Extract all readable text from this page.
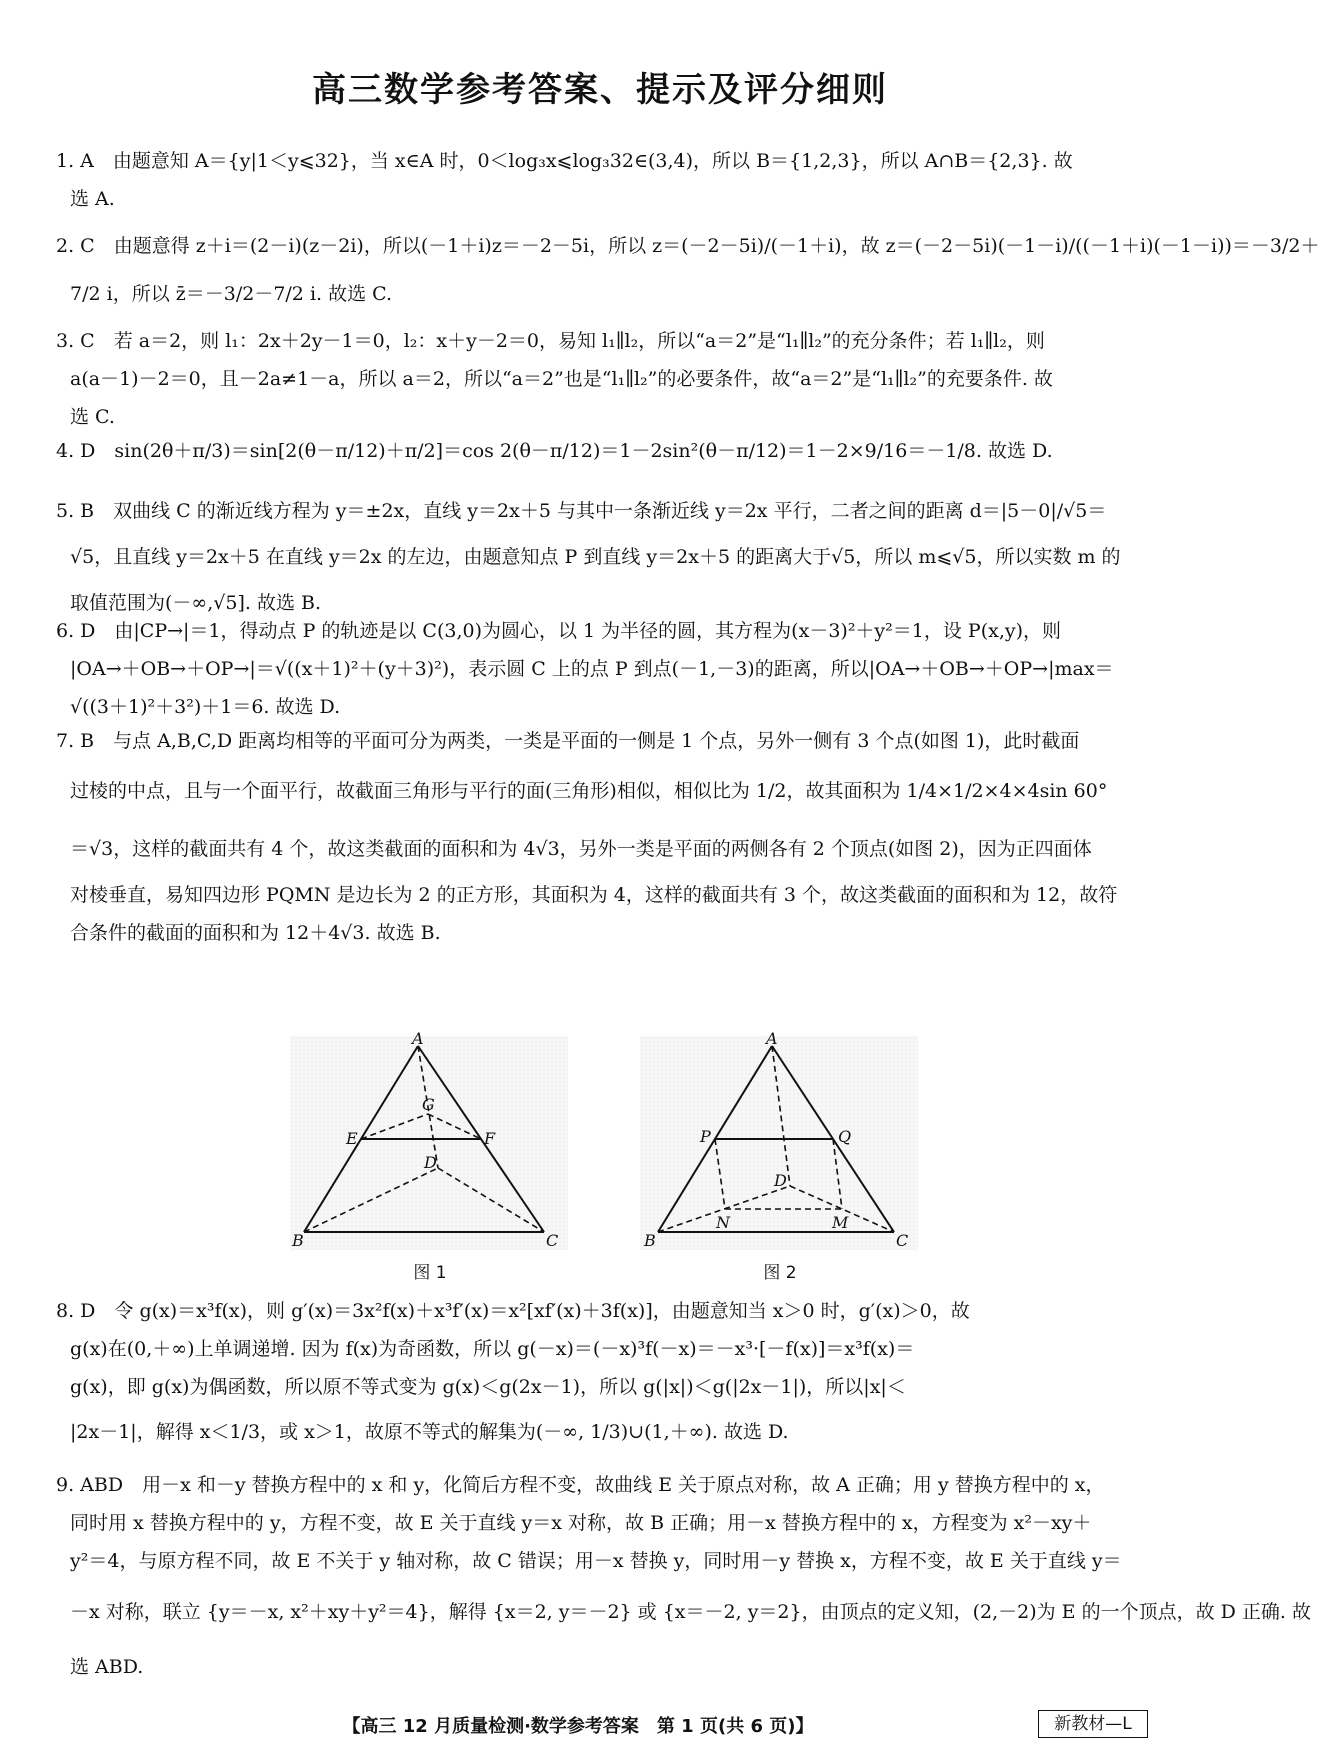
高三数学参考答案、提示及评分细则
1. A　由题意知 A＝{y|1＜y⩽32}，当 x∈A 时，0＜log₃x⩽log₃32∈(3,4)，所以 B＝{1,2,3}，所以 A∩B＝{2,3}. 故
选 A.
2. C　由题意得 z＋i＝(2－i)(z－2i)，所以(－1＋i)z＝－2－5i，所以 z＝(－2－5i)/(－1＋i)，故 z＝(－2－5i)(－1－i)/((－1＋i)(－1－i))＝－3/2＋
7/2 i，所以 z̄＝－3/2－7/2 i. 故选 C.
3. C　若 a＝2，则 l₁：2x＋2y－1＝0，l₂：x＋y－2＝0，易知 l₁∥l₂，所以“a＝2”是“l₁∥l₂”的充分条件；若 l₁∥l₂，则
a(a－1)－2＝0，且－2a≠1－a，所以 a＝2，所以“a＝2”也是“l₁∥l₂”的必要条件，故“a＝2”是“l₁∥l₂”的充要条件. 故
选 C.
4. D　sin(2θ＋π/3)＝sin[2(θ－π/12)＋π/2]＝cos 2(θ－π/12)＝1－2sin²(θ－π/12)＝1－2×9/16＝－1/8. 故选 D.
5. B　双曲线 C 的渐近线方程为 y＝±2x，直线 y＝2x＋5 与其中一条渐近线 y＝2x 平行，二者之间的距离 d＝|5－0|/√5＝
√5，且直线 y＝2x＋5 在直线 y＝2x 的左边，由题意知点 P 到直线 y＝2x＋5 的距离大于√5，所以 m⩽√5，所以实数 m 的
取值范围为(－∞,√5]. 故选 B.
6. D　由|CP→|＝1，得动点 P 的轨迹是以 C(3,0)为圆心，以 1 为半径的圆，其方程为(x－3)²＋y²＝1，设 P(x,y)，则
|OA→＋OB→＋OP→|＝√((x＋1)²＋(y＋3)²)，表示圆 C 上的点 P 到点(－1,－3)的距离，所以|OA→＋OB→＋OP→|max＝
√((3＋1)²＋3²)＋1＝6. 故选 D.
7. B　与点 A,B,C,D 距离均相等的平面可分为两类，一类是平面的一侧是 1 个点，另外一侧有 3 个点(如图 1)，此时截面
过棱的中点，且与一个面平行，故截面三角形与平行的面(三角形)相似，相似比为 1/2，故其面积为 1/4×1/2×4×4sin 60°
＝√3，这样的截面共有 4 个，故这类截面的面积和为 4√3，另外一类是平面的两侧各有 2 个顶点(如图 2)，因为正四面体
对棱垂直，易知四边形 PQMN 是边长为 2 的正方形，其面积为 4，这样的截面共有 3 个，故这类截面的面积和为 12，故符
合条件的截面的面积和为 12＋4√3. 故选 B.
A
G
E	F
D
B	C
图 1
A
P	Q
D
N	M
B	C
图 2
8. D　令 g(x)＝x³f(x)，则 g′(x)＝3x²f(x)＋x³f′(x)＝x²[xf′(x)＋3f(x)]，由题意知当 x＞0 时，g′(x)＞0，故
g(x)在(0,＋∞)上单调递增. 因为 f(x)为奇函数，所以 g(－x)＝(－x)³f(－x)＝－x³·[－f(x)]＝x³f(x)＝
g(x)，即 g(x)为偶函数，所以原不等式变为 g(x)＜g(2x－1)，所以 g(|x|)＜g(|2x－1|)，所以|x|＜
|2x－1|，解得 x＜1/3，或 x＞1，故原不等式的解集为(－∞, 1/3)∪(1,＋∞). 故选 D.
9. ABD　用－x 和－y 替换方程中的 x 和 y，化简后方程不变，故曲线 E 关于原点对称，故 A 正确；用 y 替换方程中的 x，
同时用 x 替换方程中的 y，方程不变，故 E 关于直线 y＝x 对称，故 B 正确；用－x 替换方程中的 x，方程变为 x²－xy＋
y²＝4，与原方程不同，故 E 不关于 y 轴对称，故 C 错误；用－x 替换 y，同时用－y 替换 x，方程不变，故 E 关于直线 y＝
－x 对称，联立 {y＝－x, x²＋xy＋y²＝4}，解得 {x＝2, y＝－2} 或 {x＝－2, y＝2}，由顶点的定义知，(2,－2)为 E 的一个顶点，故 D 正确. 故
选 ABD.
【高三 12 月质量检测·数学参考答案　第 1 页(共 6 页)】	新教材—L
